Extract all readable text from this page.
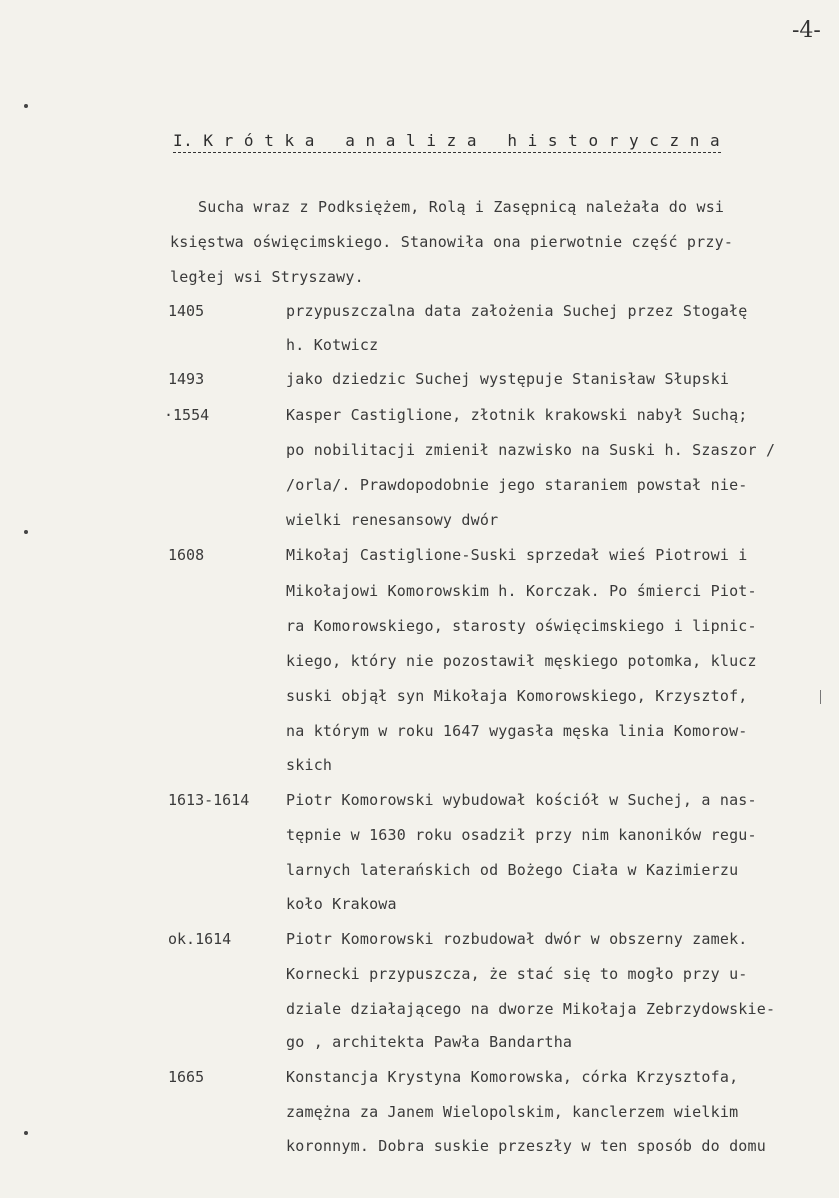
-4-
I. K r ó t k a   a n a l i z a   h i s t o r y c z n a
Sucha wraz z Podksiężem, Rolą i Zasępnicą należała do wsi
księstwa oświęcimskiego. Stanowiła ona pierwotnie część przy-
ległej wsi Stryszawy.
1405	przypuszczalna data założenia Suchej przez Stogałę
h. Kotwicz
1493	jako dziedzic Suchej występuje Stanisław Słupski
·1554	Kasper Castiglione, złotnik krakowski nabył Suchą;
po nobilitacji zmienił nazwisko na Suski h. Szaszor /
/orla/. Prawdopodobnie jego staraniem powstał nie-
wielki renesansowy dwór
1608	Mikołaj Castiglione-Suski sprzedał wieś Piotrowi i
Mikołajowi Komorowskim h. Korczak. Po śmierci Piot-
ra Komorowskiego, starosty oświęcimskiego i lipnic-
kiego, który nie pozostawił męskiego potomka, klucz
suski objął syn Mikołaja Komorowskiego, Krzysztof,
na którym w roku 1647 wygasła męska linia Komorow-
skich
1613-1614 Piotr Komorowski wybudował kościół w Suchej, a nas-
tępnie w 1630 roku osadził przy nim kanoników regu-
larnych laterańskich od Bożego Ciała w Kazimierzu
koło Krakowa
ok.1614	Piotr Komorowski rozbudował dwór w obszerny zamek.
Kornecki przypuszcza, że stać się to mogło przy u-
dziale działającego na dworze Mikołaja Zebrzydowskie-
go , architekta Pawła Bandartha
1665	Konstancja Krystyna Komorowska, córka Krzysztofa,
zamężna za Janem Wielopolskim, kanclerzem wielkim
koronnym. Dobra suskie przeszły w ten sposób do domu
